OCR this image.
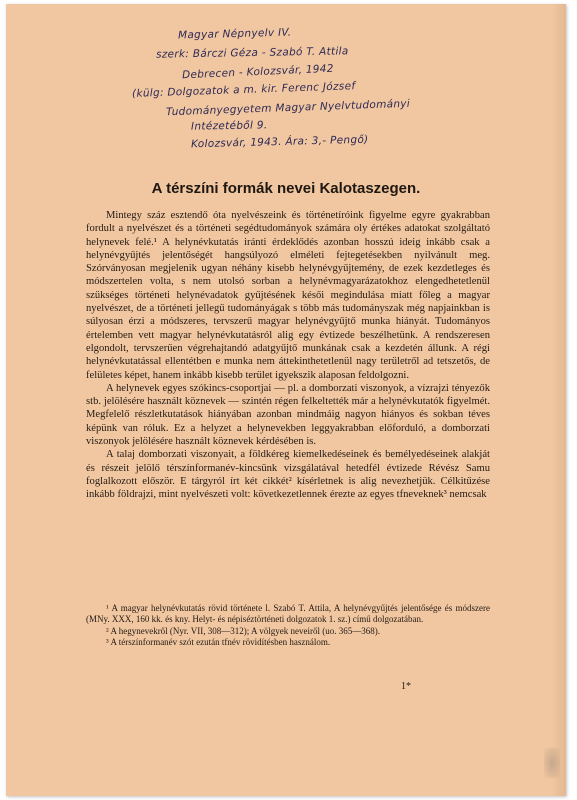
Magyar Népnyelv IV.
szerk: Bárczi Géza - Szabó T. Attila
Debrecen - Kolozsvár, 1942
(külg: Dolgozatok a m. kir. Ferenc József
Tudományegyetem Magyar Nyelvtudományi
Intézetéből 9.
Kolozsvár, 1943. Ára: 3,- Pengő)
A térszíni formák nevei Kalotaszegen.

Mintegy száz esztendő óta nyelvészeink és történetíróink figyelme egyre gyakrabban fordult a nyelvészet és a történeti segédtudományok számára oly értékes adatokat szolgáltató helynevek felé.¹ A helynévkutatás iránti érdeklődés azonban hosszú ideig inkább csak a helynévgyűjtés jelentőségét hangsúlyozó elméleti fejtegetésekben nyilvánult meg. Szórványosan megjelenik ugyan néhány kisebb helynévgyűjtemény, de ezek kezdetleges és módszertelen volta, s nem utolsó sorban a helynévmagyarázatokhoz elengedhetetlenül szükséges történeti helynévadatok gyűjtésének késői megindulása miatt főleg a magyar nyelvészet, de a történeti jellegű tudományágak s több más tudományszak még napjainkban is súlyosan érzi a módszeres, tervszerű magyar helynévgyűjtő munka hiányát. Tudományos értelemben vett magyar helynévkutatásról alig egy évtizede beszélhetünk. A rendszeresen elgondolt, tervszerűen végrehajtandó adatgyűjtő munkának csak a kezdetén állunk. A régi helynévkutatással ellentétben e munka nem áttekinthetetlenül nagy területről ad tetszetős, de felületes képet, hanem inkább kisebb terület igyekszik alaposan feldolgozni.

A helynevek egyes szókincs-csoportjai — pl. a domborzati viszonyok, a vízrajzi tényezők stb. jelölésére használt köznevek — szintén régen felkeltették már a helynévkutatók figyelmét. Megfelelő részletkutatások hiányában azonban mindmáig nagyon hiányos és sokban téves képünk van róluk. Ez a helyzet a helynevekben leggyakrabban előforduló, a domborzati viszonyok jelölésére használt köznevek kérdésében is.

A talaj domborzati viszonyait, a földkéreg kiemelkedéseinek és bemélyedéseinek alakját és részeit jelölő térszínformanév-kincsünk vizsgálatával hetedfél évtizede Révész Samu foglalkozott először. E tárgyról írt két cikkét² kísérletnek is alig nevezhetjük. Célkitűzése inkább földrajzi, mint nyelvészeti volt: következetlennek érezte az egyes tfneveknek³ nemcsak

¹ A magyar helynévkutatás rövid története l. Szabó T. Attila, A helynévgyűjtés jelentősége és módszere (MNy. XXX, 160 kk. és kny. Helyt- és népiséztörténeti dolgozatok 1. sz.) című dolgozatában.

² A hegynevekről (Nyr. VII, 308—312); A völgyek neveiről (uo. 365—368).

³ A térszínformanév szót ezután tfnév rövidítésben használom.

1*
